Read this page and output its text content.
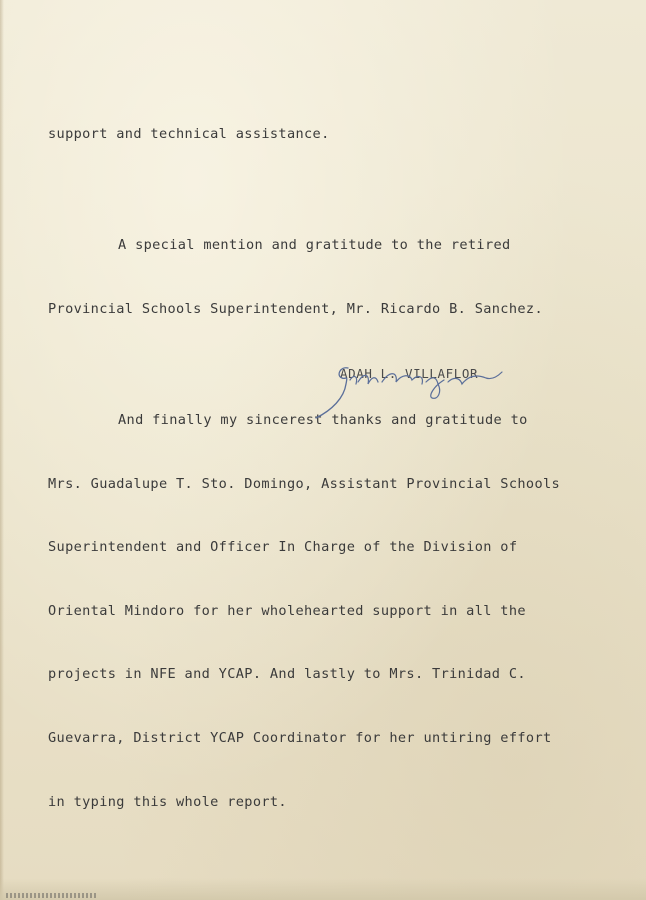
support and technical assistance.

A special mention and gratitude to the retired

Provincial Schools Superintendent, Mr. Ricardo B. Sanchez.

And finally my sincerest thanks and gratitude to

Mrs. Guadalupe T. Sto. Domingo, Assistant Provincial Schools

Superintendent and Officer In Charge of the Division of

Oriental Mindoro for her wholehearted support in all the

projects in NFE and YCAP. And lastly to Mrs. Trinidad C.

Guevarra, District YCAP Coordinator for her untiring effort

in typing this whole report.

ADAH L. VILLAFLOR
